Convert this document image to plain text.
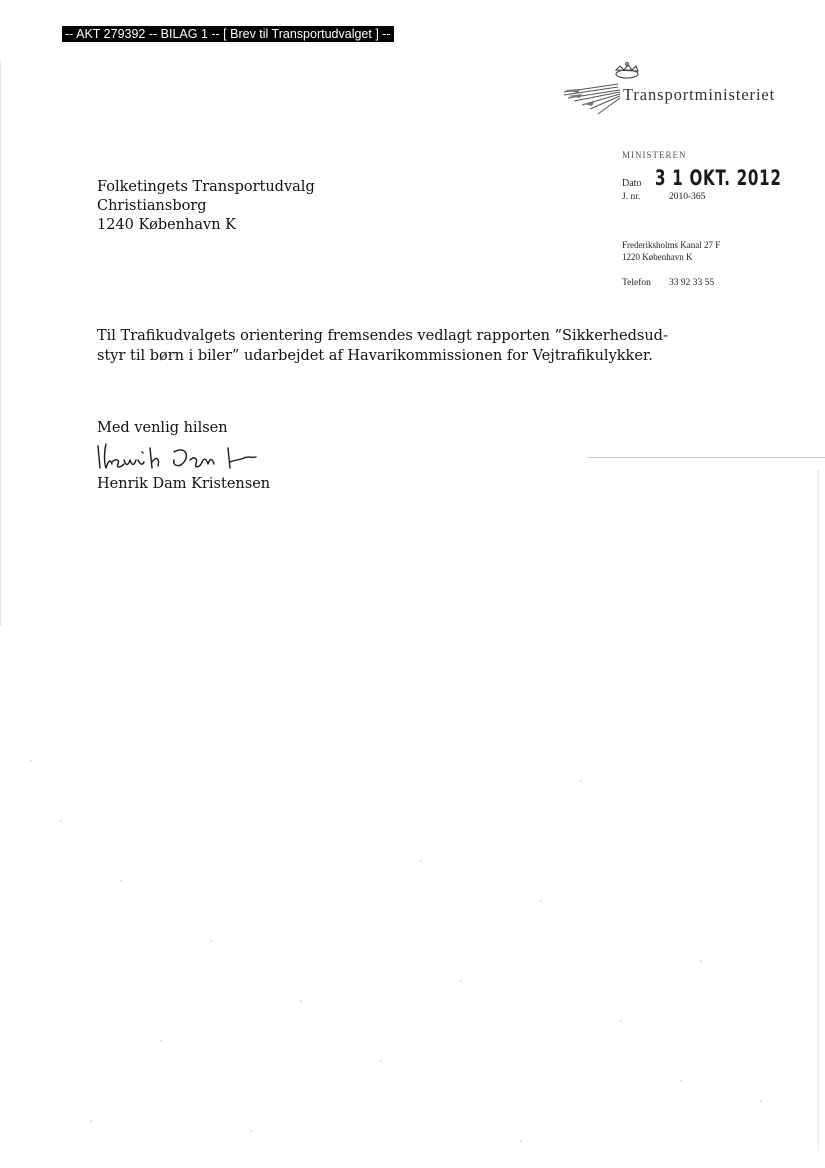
-- AKT 279392 -- BILAG 1 -- [ Brev til Transportudvalget ] --
Transportministeriet
MINISTEREN
Dato 3 1 OKT. 2012
J. nr.	2010-365
Frederiksholms Kanal 27 F
1220 København K
Telefon 33 92 33 55
Folketingets Transportudvalg
Christiansborg
1240 København K
Til Trafikudvalgets orientering fremsendes vedlagt rapporten ”Sikkerhedsud-
styr til børn i biler” udarbejdet af Havarikommissionen for Vejtrafikulykker.
Med venlig hilsen
Henrik Dam Kristensen
